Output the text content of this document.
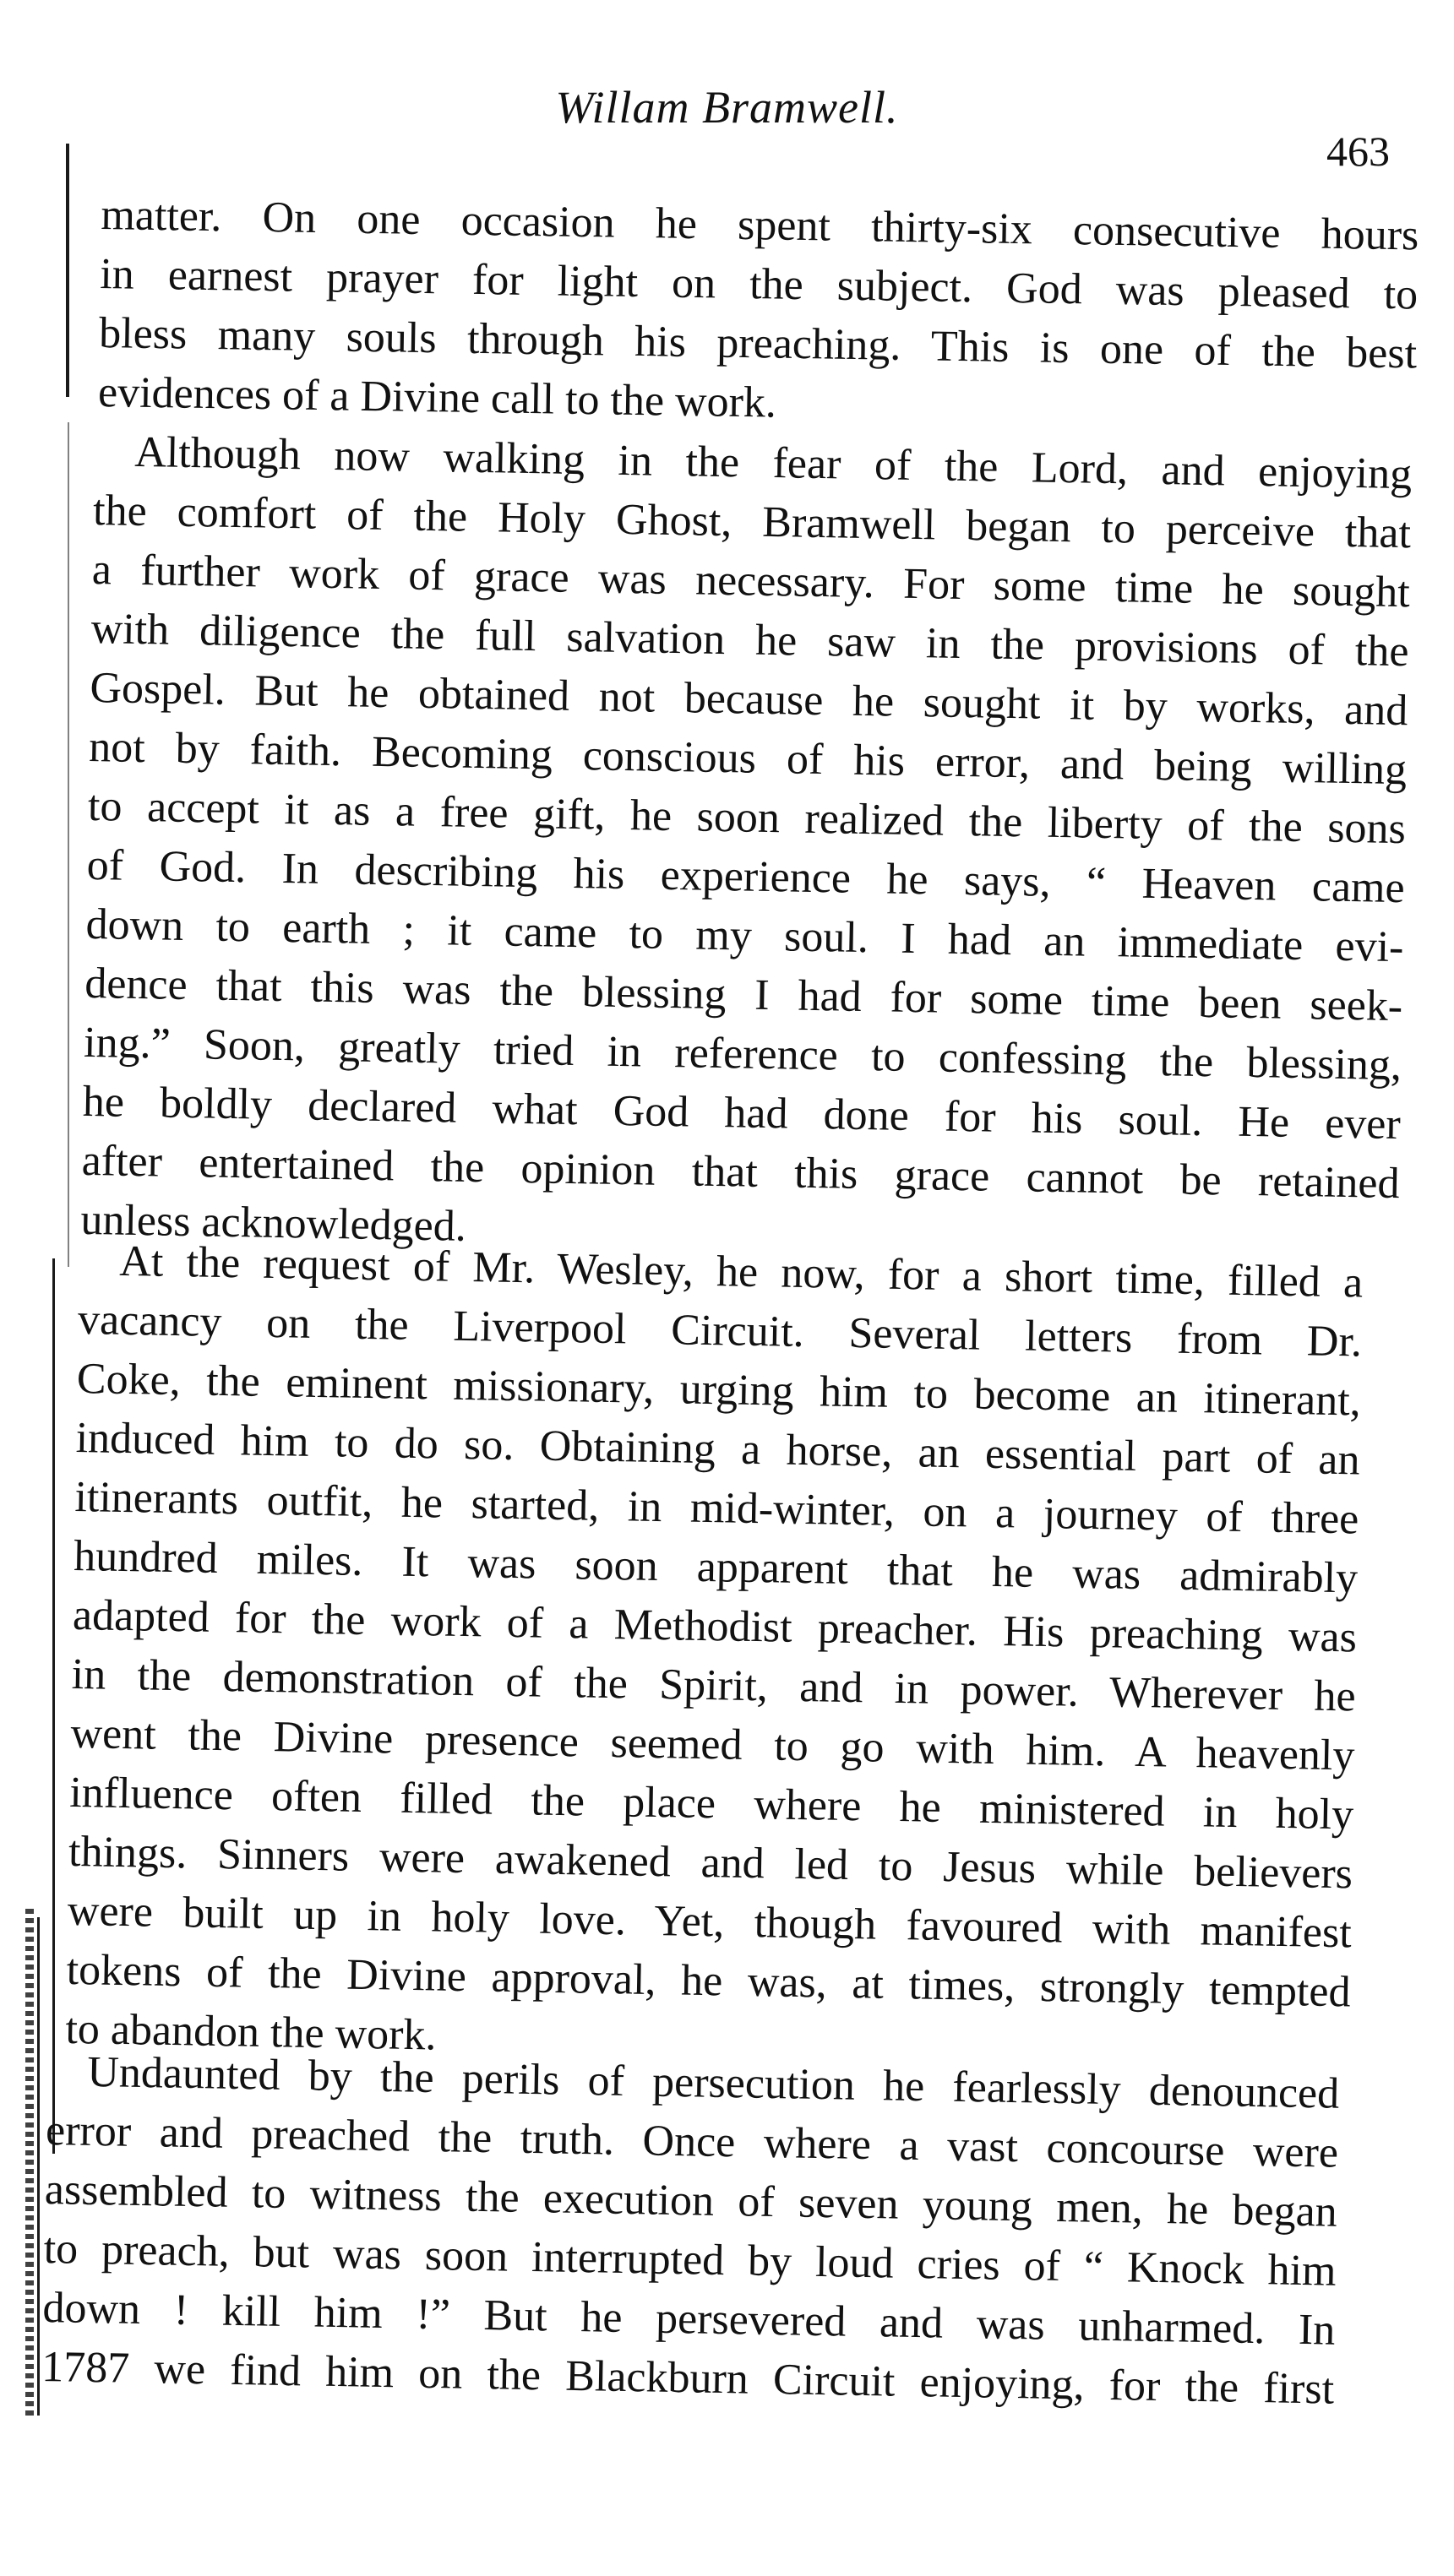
Willam Bramwell.
463
matter. On one occasion he spent thirty-six consecutive hours
in earnest prayer for light on the subject. God was pleased to
bless many souls through his preaching. This is one of the best
evidences of a Divine call to the work.
Although now walking in the fear of the Lord, and enjoying
the comfort of the Holy Ghost, Bramwell began to perceive that
a further work of grace was necessary. For some time he sought
with diligence the full salvation he saw in the provisions of the
Gospel. But he obtained not because he sought it by works, and
not by faith. Becoming conscious of his error, and being willing
to accept it as a free gift, he soon realized the liberty of the sons
of God. In describing his experience he says, “ Heaven came
down to earth ; it came to my soul. I had an immediate evi-
dence that this was the blessing I had for some time been seek-
ing.” Soon, greatly tried in reference to confessing the blessing,
he boldly declared what God had done for his soul. He ever
after entertained the opinion that this grace cannot be retained
unless acknowledged.
At the request of Mr. Wesley, he now, for a short time, filled a
vacancy on the Liverpool Circuit. Several letters from Dr.
Coke, the eminent missionary, urging him to become an itinerant,
induced him to do so. Obtaining a horse, an essential part of an
itinerants outfit, he started, in mid-winter, on a journey of three
hundred miles. It was soon apparent that he was admirably
adapted for the work of a Methodist preacher. His preaching was
in the demonstration of the Spirit, and in power. Wherever he
went the Divine presence seemed to go with him. A heavenly
influence often filled the place where he ministered in holy
things. Sinners were awakened and led to Jesus while believers
were built up in holy love. Yet, though favoured with manifest
tokens of the Divine approval, he was, at times, strongly tempted
to abandon the work.
Undaunted by the perils of persecution he fearlessly denounced
error and preached the truth. Once where a vast concourse were
assembled to witness the execution of seven young men, he began
to preach, but was soon interrupted by loud cries of “ Knock him
down ! kill him !” But he persevered and was unharmed. In
1787 we find him on the Blackburn Circuit enjoying, for the first
